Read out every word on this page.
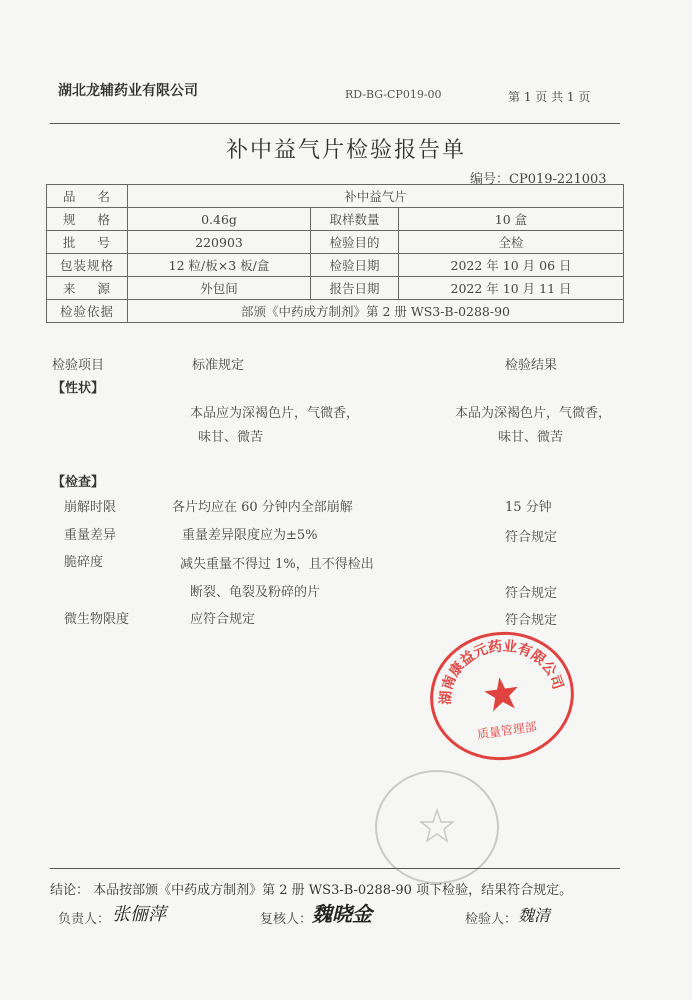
湖北龙辅药业有限公司	RD-BG-CP019-00	第 1 页 共 1 页
补中益气片检验报告单
编号：CP019-221003
品 名	补中益气片		

规 格	0.46g	取样数量	10 盒

批 号	220903	检验目的	全检
包装规格	12 粒/板×3 板/盒	检验日期	2022 年 10 月 06 日

来 源	外包间	报告日期	2022 年 10 月 11 日
检验依据	部颁《中药成方制剂》第 2 册 WS3-B-0288-90		
检验项目	标准规定	检验结果
【性状】
本品应为深褐色片，气微香，
味甘、微苦
本品为深褐色片，气微香，
味甘、微苦
【检查】
崩解时限	各片均应在 60 分钟内全部崩解	15 分钟
重量差异	重量差异限度应为±5%	符合规定
脆碎度	减失重量不得过 1%，且不得检出
断裂、龟裂及粉碎的片	符合规定
微生物限度	应符合规定	符合规定
湖南康益元药业有限公司
质量管理部
结论： 本品按部颁《中药成方制剂》第 2 册 WS3-B-0288-90 项下检验，结果符合规定。
负责人： 张俪萍	复核人： 魏晓金	检验人： 魏清
